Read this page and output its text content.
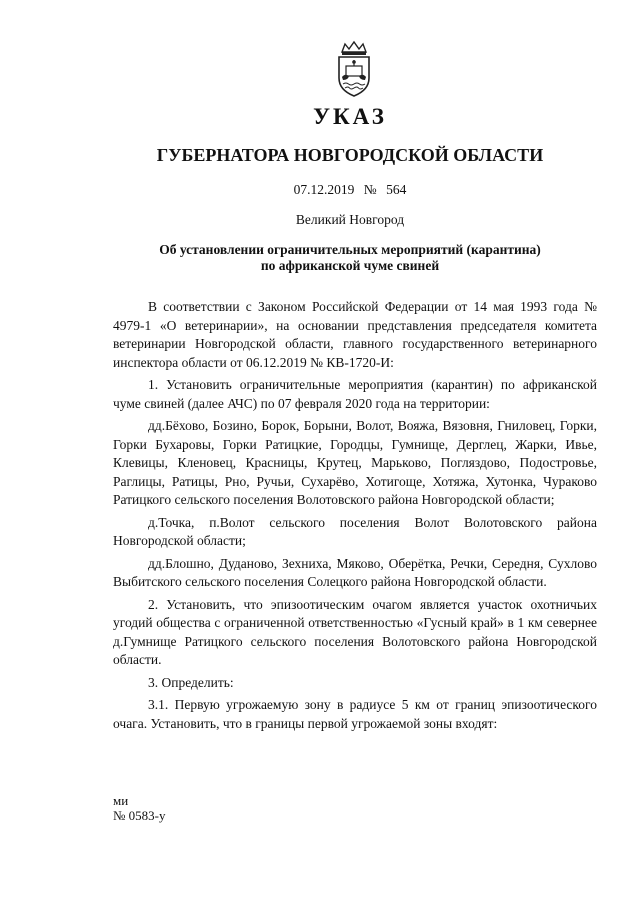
УКАЗ
ГУБЕРНАТОРА НОВГОРОДСКОЙ ОБЛАСТИ
07.12.2019 № 564
Великий Новгород
Об установлении ограничительных мероприятий (карантина)
по африканской чуме свиней

В соответствии с Законом Российской Федерации от 14 мая 1993 года № 4979-1 «О ветеринарии», на основании представления председателя комитета ветеринарии Новгородской области, главного государственного ветеринарного инспектора области от 06.12.2019 № КВ-1720-И:

1. Установить ограничительные мероприятия (карантин) по африканской чуме свиней (далее АЧС) по 07 февраля 2020 года на территории:

дд.Бёхово, Бозино, Борок, Борыни, Волот, Вояжа, Вязовня, Гниловец, Горки, Горки Бухаровы, Горки Ратицкие, Городцы, Гумнище, Дерглец, Жарки, Ивье, Клевицы, Кленовец, Красницы, Крутец, Марьково, Погляздово, Подостровье, Раглицы, Ратицы, Рно, Ручьи, Сухарёво, Хотигоще, Хотяжа, Хутонка, Чураково Ратицкого сельского поселения Волотовского района Новгородской области;

д.Точка, п.Волот сельского поселения Волот Волотовского района Новгородской области;

дд.Блошно, Дуданово, Зехниха, Мяково, Оберётка, Речки, Середня, Сухлово Выбитского сельского поселения Солецкого района Новгородской области.

2. Установить, что эпизоотическим очагом является участок охотничьих угодий общества с ограниченной ответственностью «Гусный край» в 1 км севернее д.Гумнище Ратицкого сельского поселения Волотовского района Новгородской области.

3. Определить:

3.1. Первую угрожаемую зону в радиусе 5 км от границ эпизоотического очага. Установить, что в границы первой угрожаемой зоны входят:

ми
№ 0583-у
